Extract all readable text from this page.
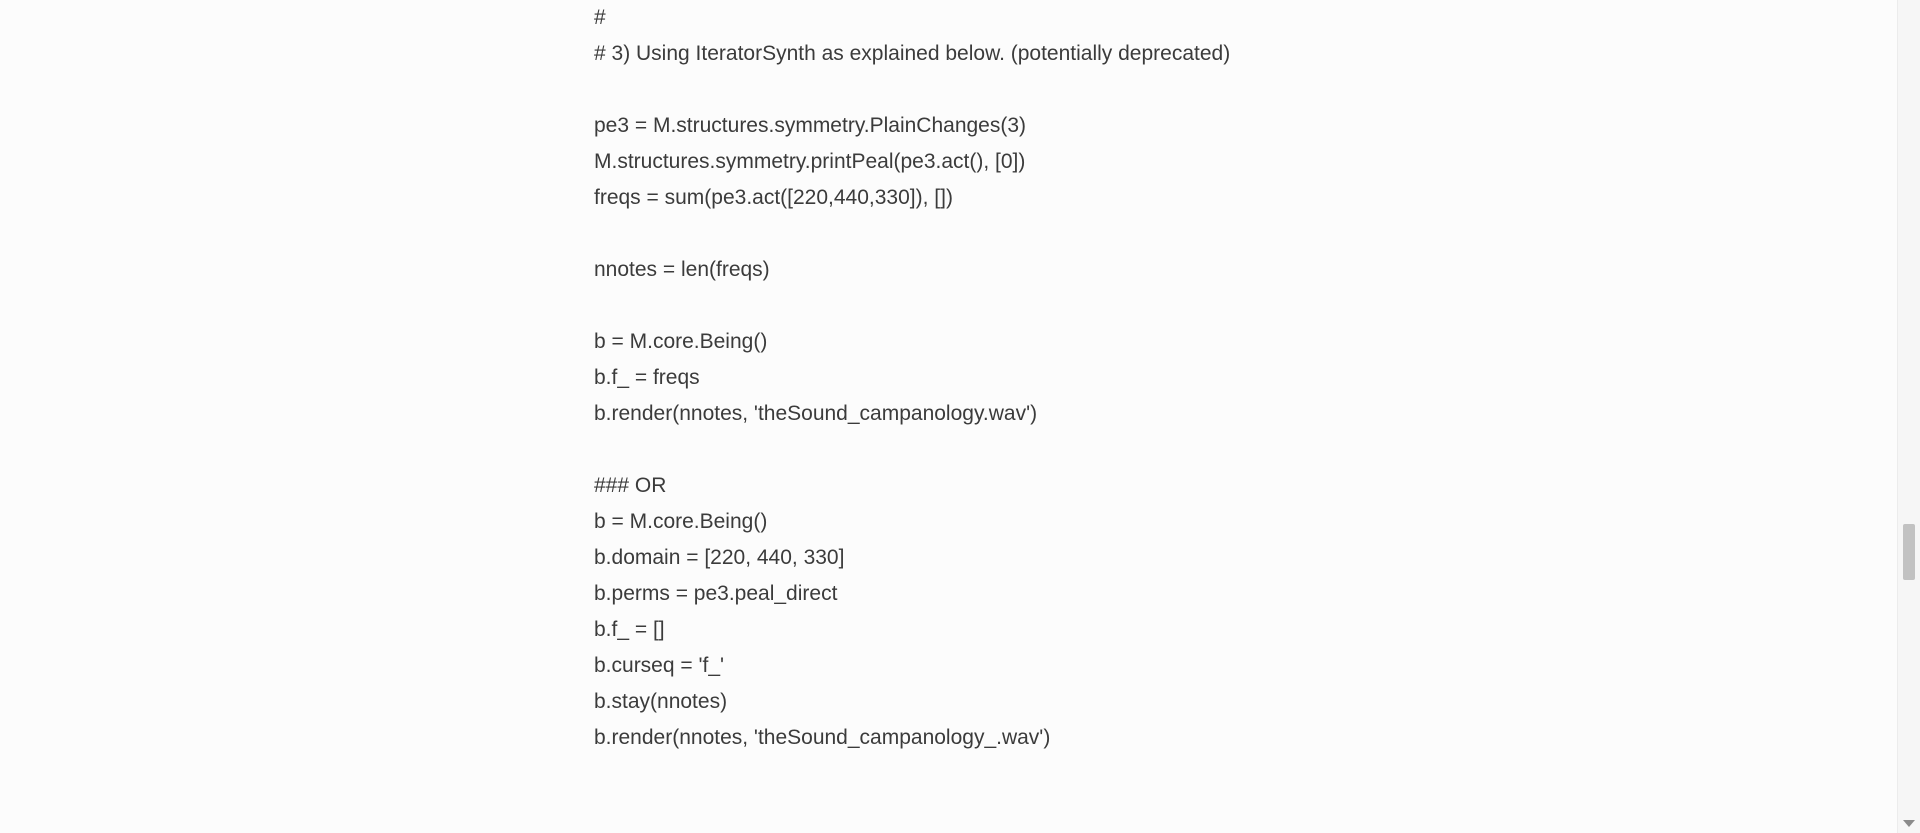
#
# 3) Using IteratorSynth as explained below. (potentially deprecated)
pe3 = M.structures.symmetry.PlainChanges(3)
M.structures.symmetry.printPeal(pe3.act(), [0])
freqs = sum(pe3.act([220,440,330]), [])
nnotes = len(freqs)
b = M.core.Being()
b.f_ = freqs
b.render(nnotes, 'theSound_campanology.wav')
### OR
b = M.core.Being()
b.domain = [220, 440, 330]
b.perms = pe3.peal_direct
b.f_ = []
b.curseq = 'f_'
b.stay(nnotes)
b.render(nnotes, 'theSound_campanology_.wav')
